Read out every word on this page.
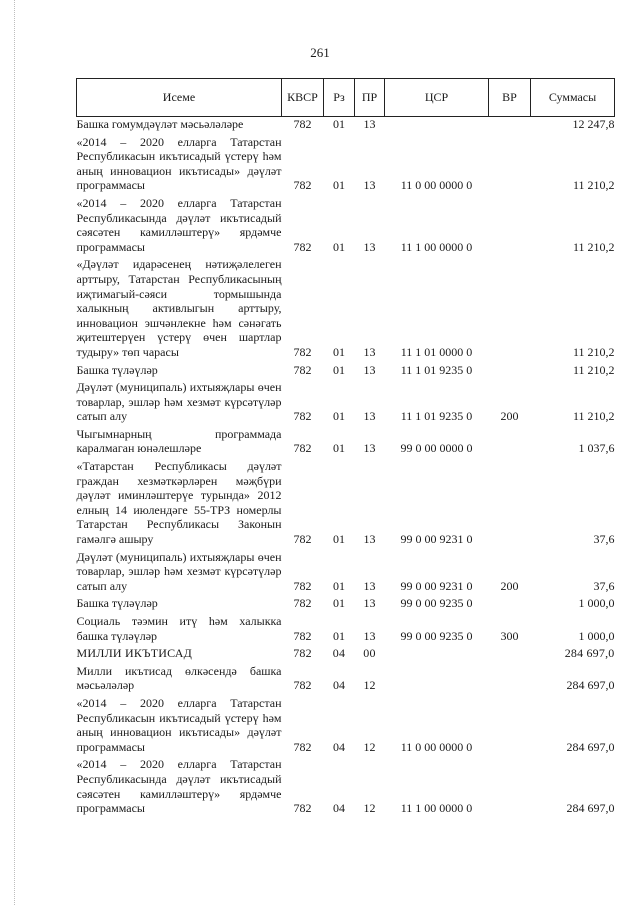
261
Исеме	КВСР	Рз	ПР	ЦСР	ВР	Суммасы
Башка гомумдәүләт мәсьәләләре	782	01	13			12 247,8

«2014 – 2020 елларга Татарстан Республикасын икътисадый үстерү һәм аның инновацион икътисады» дәүләт программасы	782	01	13	11 0 00 0000 0		11 210,2

«2014 – 2020 елларга Татарстан Республикасында дәүләт икътисадый сәясәтен камилләштерү» ярдәмче программасы	782	01	13	11 1 00 0000 0		11 210,2

«Дәүләт идарәсенең нәтиҗәлелеген арттыру, Татарстан Республикасының иҗтимагый-сәяси тормышында халыкның активлыгын арттыру, инновацион эшчәнлекне һәм сәнәгать җитештерүен үстерү өчен шартлар тудыру» төп чарасы	782	01	13	11 1 01 0000 0		11 210,2

Башка түләүләр	782	01	13	11 1 01 9235 0		11 210,2

Дәүләт (муниципаль) ихтыяҗлары өчен товарлар, эшләр һәм хезмәт күрсәтүләр сатып алу	782	01	13	11 1 01 9235 0	200	11 210,2

Чыгымнарның программада каралмаган юнәлешләре	782	01	13	99 0 00 0000 0		1 037,6

«Татарстан Республикасы дәүләт граждан хезмәткәрләрен мәҗбүри дәүләт иминләштерүе турында» 2012 елның 14 июлендәге 55-ТРЗ номерлы Татарстан Республикасы Законын гамәлгә ашыру	782	01	13	99 0 00 9231 0		37,6

Дәүләт (муниципаль) ихтыяҗлары өчен товарлар, эшләр һәм хезмәт күрсәтүләр сатып алу	782	01	13	99 0 00 9231 0	200	37,6

Башка түләүләр	782	01	13	99 0 00 9235 0		1 000,0

Социаль тәэмин итү һәм халыкка башка түләүләр	782	01	13	99 0 00 9235 0	300	1 000,0

МИЛЛИ ИКЪТИСАД	782	04	00			284 697,0

Милли икътисад өлкәсендә башка мәсьәләләр	782	04	12			284 697,0

«2014 – 2020 елларга Татарстан Республикасын икътисадый үстерү һәм аның инновацион икътисады» дәүләт программасы	782	04	12	11 0 00 0000 0		284 697,0

«2014 – 2020 елларга Татарстан Республикасында дәүләт икътисадый сәясәтен камилләштерү» ярдәмче программасы	782	04	12	11 1 00 0000 0		284 697,0
